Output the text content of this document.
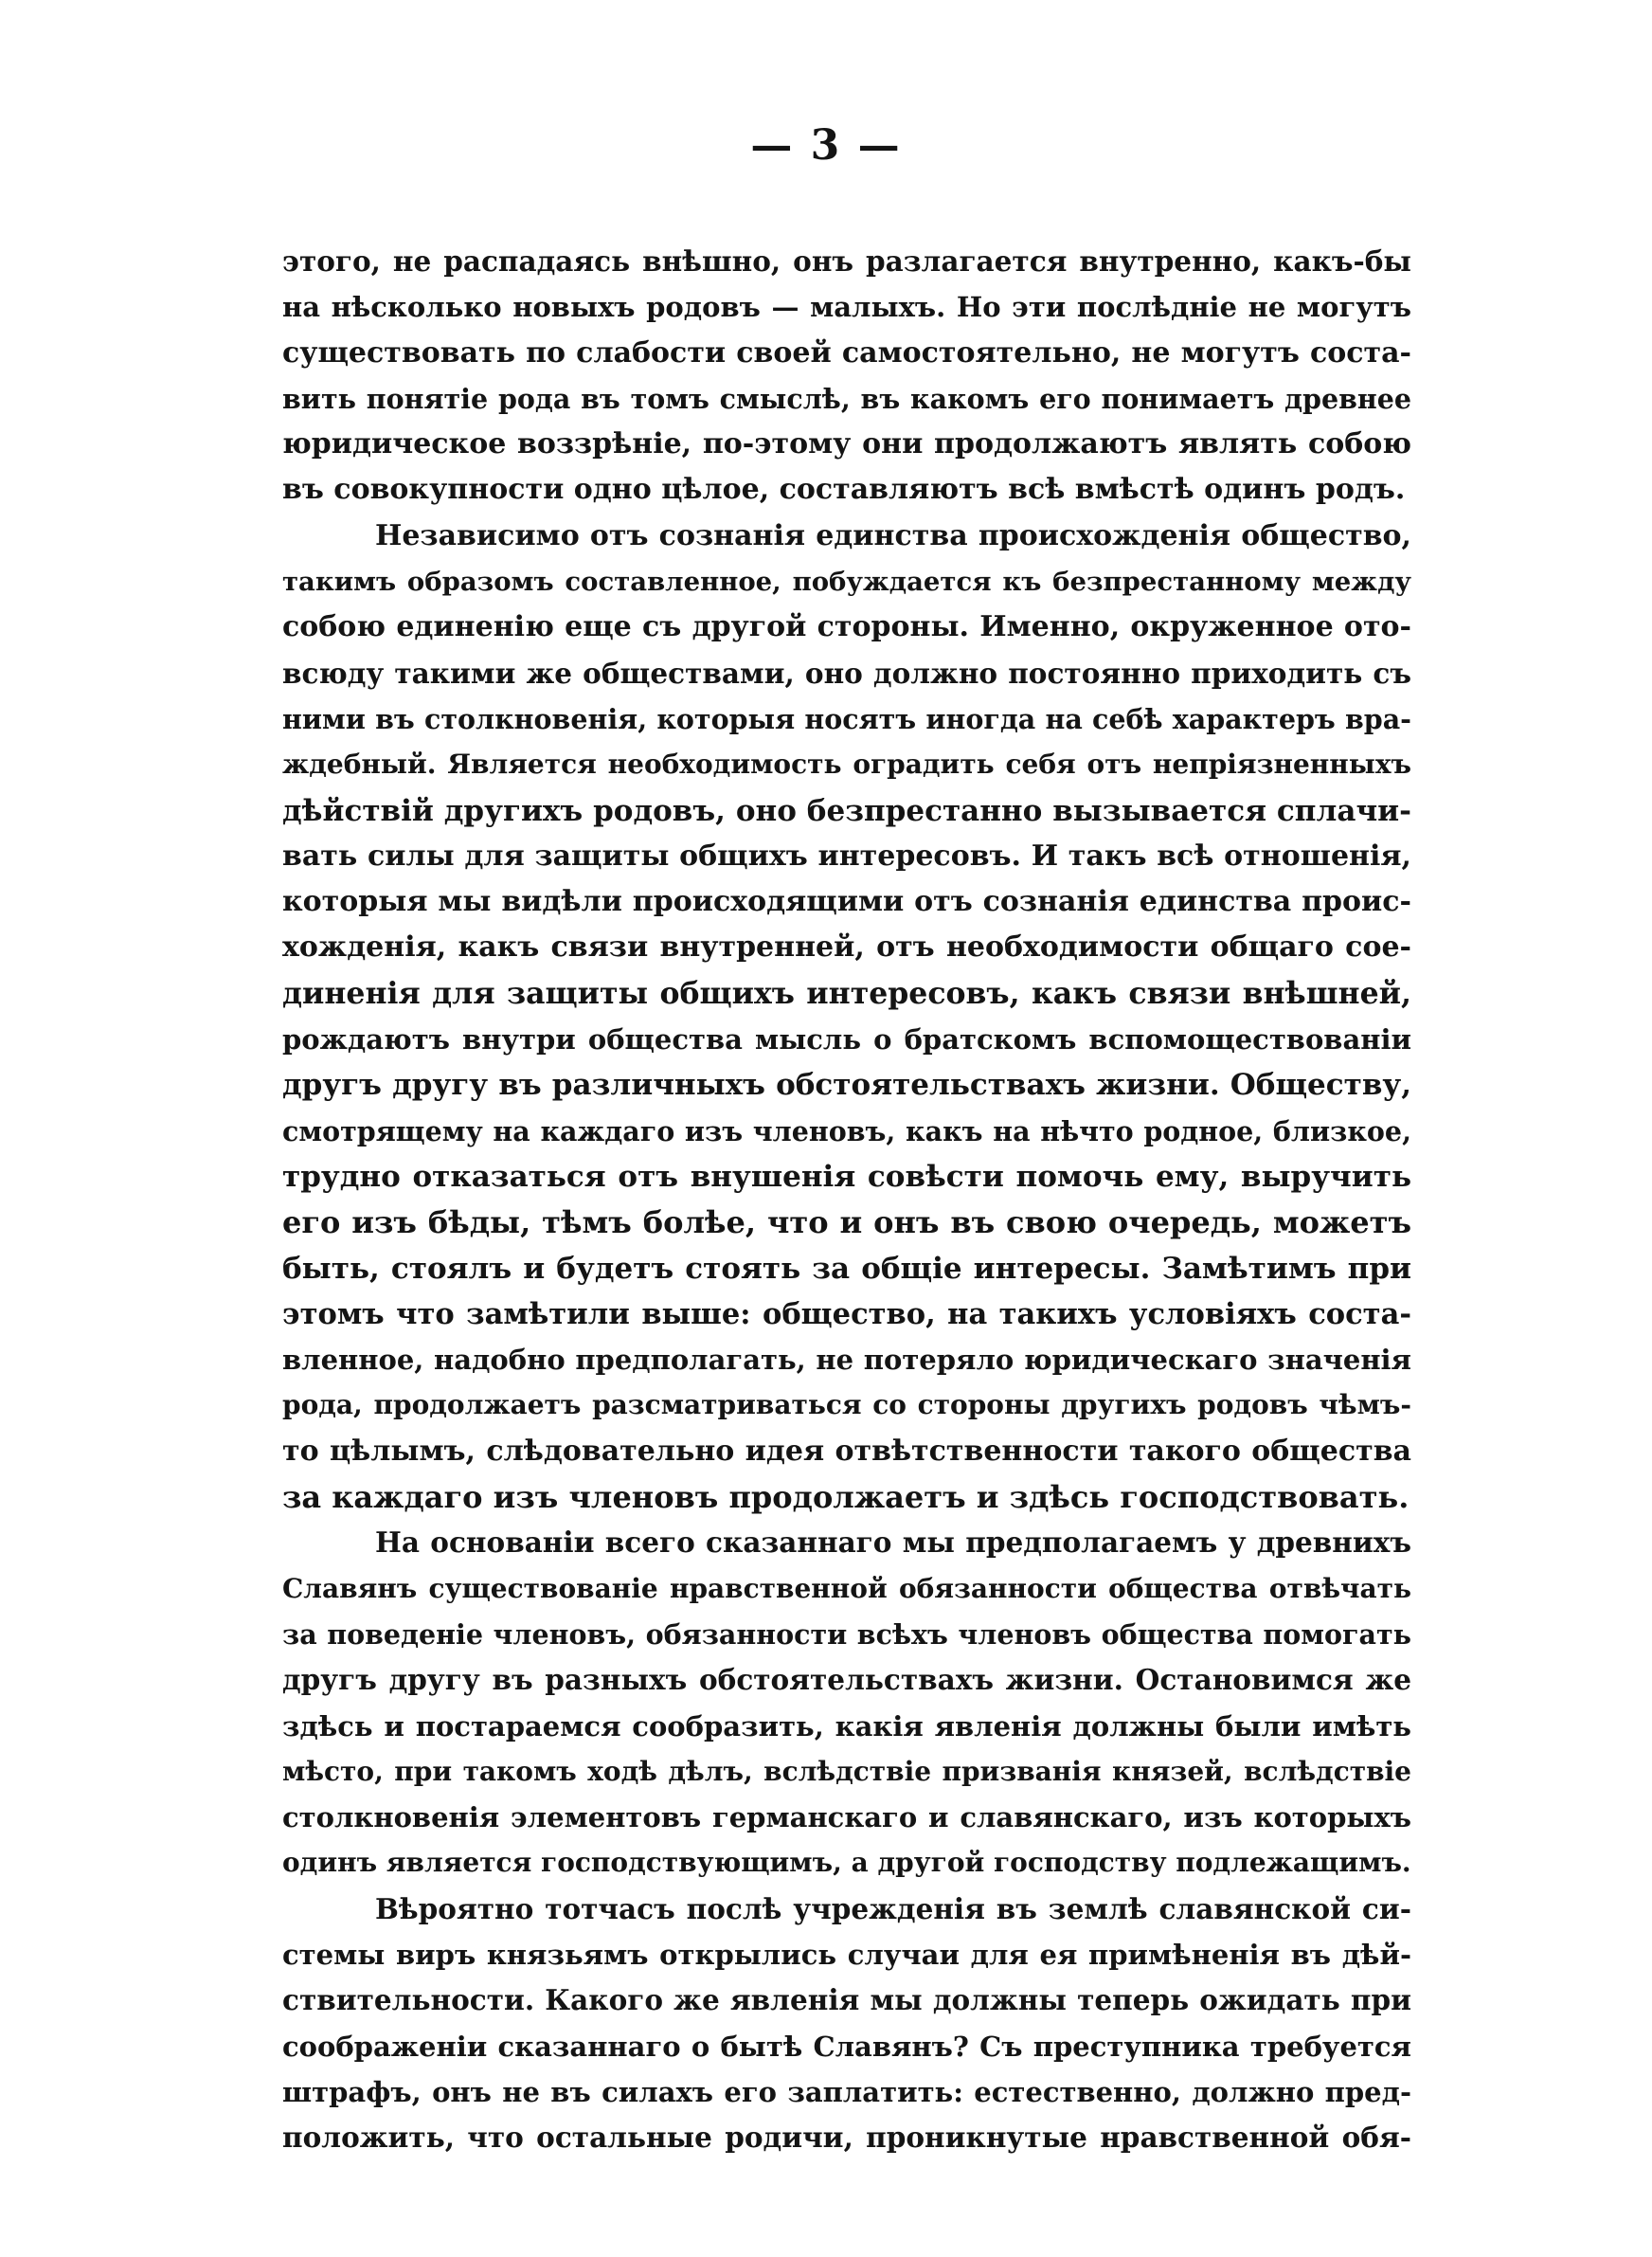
— 3 —
этого, не распадаясь внѣшно, онъ разлагается внутренно, какъ-бы
на нѣсколько новыхъ родовъ — малыхъ. Но эти послѣдніе не могутъ
существовать по слабости своей самостоятельно, не могутъ соста-
вить понятіе рода въ томъ смыслѣ, въ какомъ его понимаетъ древнее
юридическое воззрѣніе, по-этому они продолжаютъ являть собою
въ совокупности одно цѣлое, составляютъ всѣ вмѣстѣ одинъ родъ.
Независимо отъ сознанія единства происхожденія общество,
такимъ образомъ составленное, побуждается къ безпрестанному между
собою единенію еще съ другой стороны. Именно, окруженное ото-
всюду такими же обществами, оно должно постоянно приходить съ
ними въ столкновенія, которыя носятъ иногда на себѣ характеръ вра-
ждебный. Является необходимость оградить себя отъ непріязненныхъ
дѣйствій другихъ родовъ, оно безпрестанно вызывается сплачи-
вать силы для защиты общихъ интересовъ. И такъ всѣ отношенія,
которыя мы видѣли происходящими отъ сознанія единства проис-
хожденія, какъ связи внутренней, отъ необходимости общаго сое-
диненія для защиты общихъ интересовъ, какъ связи внѣшней,
рождаютъ внутри общества мысль о братскомъ вспомоществованіи
другъ другу въ различныхъ обстоятельствахъ жизни. Обществу,
смотрящему на каждаго изъ членовъ, какъ на нѣчто родное, близкое,
трудно отказаться отъ внушенія совѣсти помочь ему, выручить
его изъ бѣды, тѣмъ болѣе, что и онъ въ свою очередь, можетъ
быть, стоялъ и будетъ стоять за общіе интересы. Замѣтимъ при
этомъ что замѣтили выше: общество, на такихъ условіяхъ соста-
вленное, надобно предполагать, не потеряло юридическаго значенія
рода, продолжаетъ разсматриваться со стороны другихъ родовъ чѣмъ-
то цѣлымъ, слѣдовательно идея отвѣтственности такого общества
за каждаго изъ членовъ продолжаетъ и здѣсь господствовать.
На основаніи всего сказаннаго мы предполагаемъ у древнихъ
Славянъ существованіе нравственной обязанности общества отвѣчать
за поведеніе членовъ, обязанности всѣхъ членовъ общества помогать
другъ другу въ разныхъ обстоятельствахъ жизни. Остановимся же
здѣсь и постараемся сообразить, какія явленія должны были имѣть
мѣсто, при такомъ ходѣ дѣлъ, вслѣдствіе призванія князей, вслѣдствіе
столкновенія элементовъ германскаго и славянскаго, изъ которыхъ
одинъ является господствующимъ, а другой господству подлежащимъ.
Вѣроятно тотчасъ послѣ учрежденія въ землѣ славянской си-
стемы виръ князьямъ открылись случаи для ея примѣненія въ дѣй-
ствительности. Какого же явленія мы должны теперь ожидать при
соображеніи сказаннаго о бытѣ Славянъ? Съ преступника требуется
штрафъ, онъ не въ силахъ его заплатить: естественно, должно пред-
положить, что остальные родичи, проникнутые нравственной обя-
